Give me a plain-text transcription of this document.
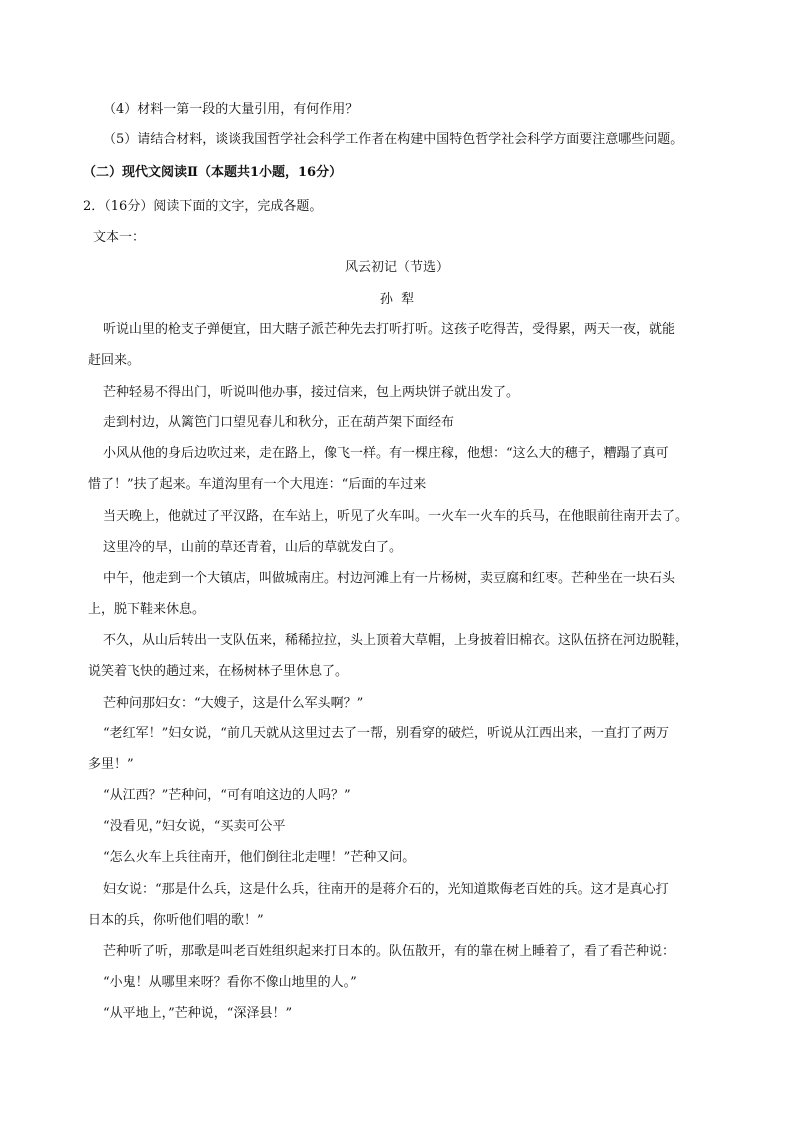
（4）材料一第一段的大量引用，有何作用？
（5）请结合材料，谈谈我国哲学社会科学工作者在构建中国特色哲学社会科学方面要注意哪些问题。
（二）现代文阅读Ⅱ（本题共1小题，16分）
2．（16分）阅读下面的文字，完成各题。
文本一：
风云初记（节选）
孙  犁
听说山里的枪支子弹便宜，田大瞎子派芒种先去打听打听。这孩子吃得苦，受得累，两天一夜，就能
赶回来。
芒种轻易不得出门，听说叫他办事，接过信来，包上两块饼子就出发了。
走到村边，从篱笆门口望见春儿和秋分，正在葫芦架下面经布
小风从他的身后边吹过来，走在路上，像飞一样。有一棵庄稼，他想：“这么大的穗子，糟蹋了真可
惜了！”扶了起来。车道沟里有一个大甩连：“后面的车过来
当天晚上，他就过了平汉路，在车站上，听见了火车叫。一火车一火车的兵马，在他眼前往南开去了。
这里冷的早，山前的草还青着，山后的草就发白了。
中午，他走到一个大镇店，叫做城南庄。村边河滩上有一片杨树，卖豆腐和红枣。芒种坐在一块石头
上，脱下鞋来休息。
不久，从山后转出一支队伍来，稀稀拉拉，头上顶着大草帽，上身披着旧棉衣。这队伍挤在河边脱鞋，
说笑着飞快的趟过来，在杨树林子里休息了。
芒种问那妇女：“大嫂子，这是什么军头啊？”
“老红军！”妇女说，“前几天就从这里过去了一帮，别看穿的破烂，听说从江西出来，一直打了两万
多里！”
“从江西？”芒种问，“可有咱这边的人吗？”
“没看见，”妇女说，“买卖可公平
“怎么火车上兵往南开，他们倒往北走哩！”芒种又问。
妇女说：“那是什么兵，这是什么兵，往南开的是蒋介石的，光知道欺侮老百姓的兵。这才是真心打
日本的兵，你听他们唱的歌！”
芒种听了听，那歌是叫老百姓组织起来打日本的。队伍散开，有的靠在树上睡着了，看了看芒种说：
“小鬼！从哪里来呀？看你不像山地里的人。”
“从平地上，”芒种说，“深泽县！”
